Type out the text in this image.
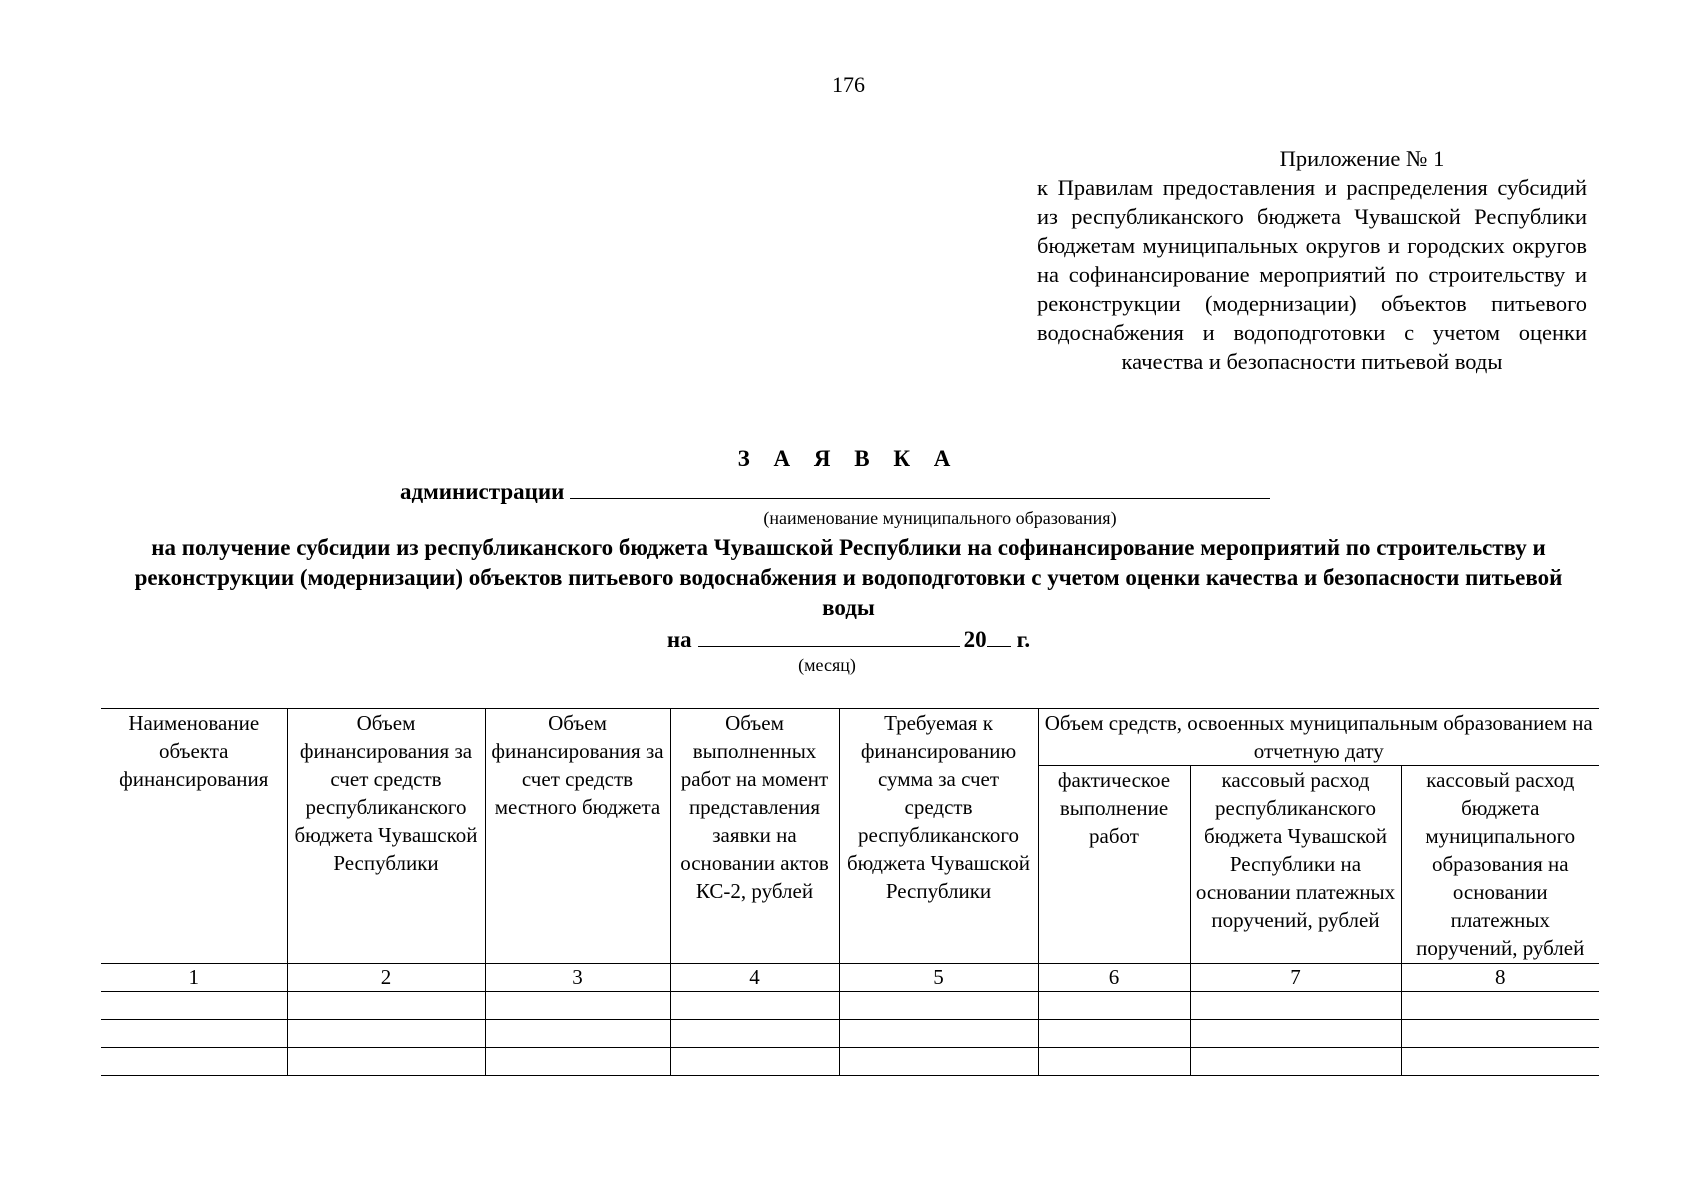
176
Приложение № 1
к Правилам предоставления и распределения субсидий из республиканского бюджета Чувашской Республики бюджетам муниципальных округов и городских округов на софинансирование мероприятий по строительству и реконструкции (модернизации) объектов питьевого водоснабжения и водоподготовки с учетом оценки качества и безопасности питьевой воды
З А Я В К А
администрации
(наименование муниципального образования)
на получение субсидии из республиканского бюджета Чувашской Республики на софинансирование мероприятий по строительству и реконструкции (модернизации) объектов питьевого водоснабжения и водоподготовки с учетом оценки качества и безопасности питьевой воды
на	20 г.
(месяц)
Наименование объекта финансирования	Объем финансирования за счет средств республиканского бюджета Чувашской Республики	Объем финансирования за счет средств местного бюджета	Объем выполненных работ на момент представления заявки на основании актов КС-2, рублей	Требуемая к финансированию сумма за счет средств республиканского бюджета Чувашской Республики	Объем средств, освоенных муниципальным образованием на отчетную дату		
					фактическое выполнение работ	кассовый расход республиканского бюджета Чувашской Республики на основании платежных поручений, рублей	кассовый расход бюджета муниципального образования на основании платежных поручений, рублей
1	2	3	4	5	6	7	8
